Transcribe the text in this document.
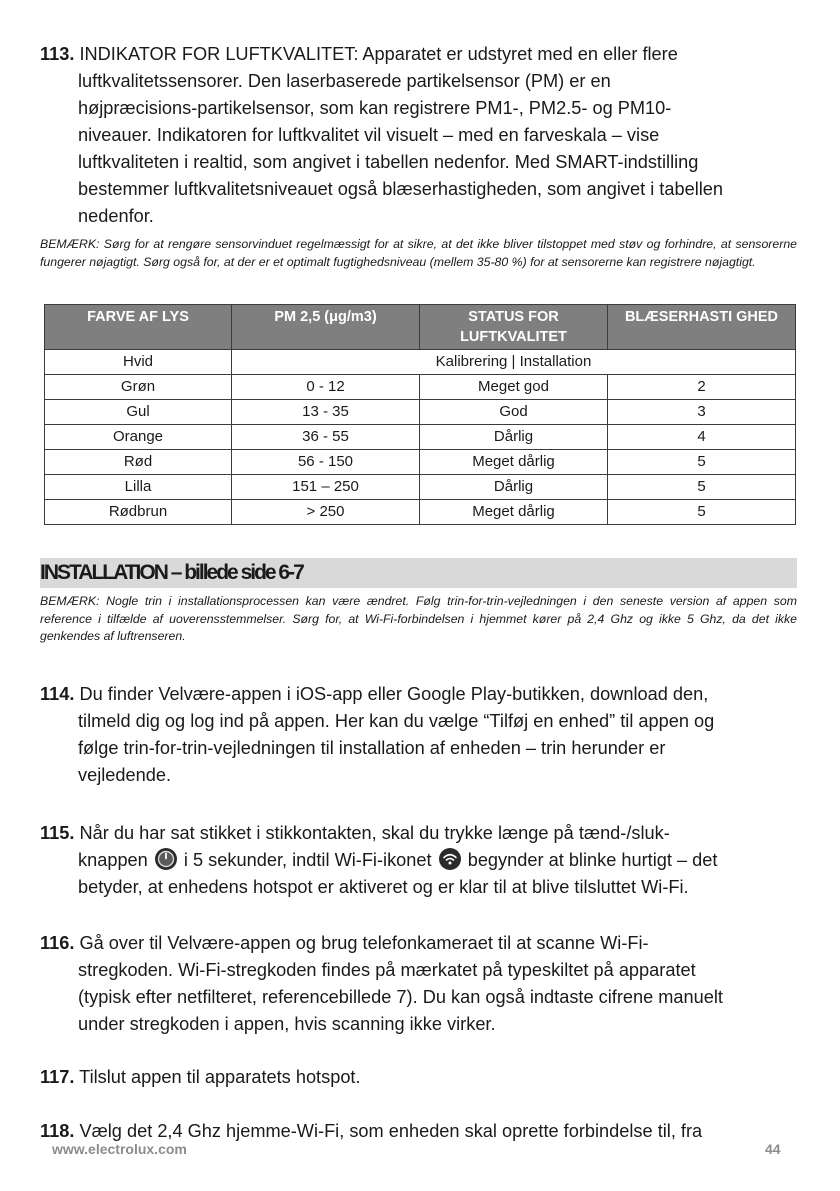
113. INDIKATOR FOR LUFTKVALITET: Apparatet er udstyret med en eller flere
luftkvalitetssensorer. Den laserbaserede partikelsensor (PM) er en
højpræcisions-partikelsensor, som kan registrere PM1-, PM2.5- og PM10-
niveauer. Indikatoren for luftkvalitet vil visuelt – med en farveskala – vise
luftkvaliteten i realtid, som angivet i tabellen nedenfor. Med SMART-indstilling
bestemmer luftkvalitetsniveauet også blæserhastigheden, som angivet i tabellen
nedenfor.
BEMÆRK: Sørg for at rengøre sensorvinduet regelmæssigt for at sikre, at det ikke bliver tilstoppet med støv og forhindre, at sensorerne fungerer nøjagtigt. Sørg også for, at der er et optimalt fugtighedsniveau (mellem 35-80 %) for at sensorerne kan registrere nøjagtigt.
FARVE AF LYS	PM 2,5 (μg/m3)	STATUS FOR LUFTKVALITET	BLÆSERHASTI GHED
Hvid	Kalibrering | Installation		
Grøn	0 - 12	Meget god	2
Gul	13 - 35	God	3
Orange	36 - 55	Dårlig	4
Rød	56 - 150	Meget dårlig	5
Lilla	151 – 250	Dårlig	5
Rødbrun	> 250	Meget dårlig	5
INSTALLATION – billede side 6-7
BEMÆRK: Nogle trin i installationsprocessen kan være ændret. Følg trin-for-trin-vejledningen i den seneste version af appen som reference i tilfælde af uoverensstemmelser. Sørg for, at Wi-Fi-forbindelsen i hjemmet kører på 2,4 Ghz og ikke 5 Ghz, da det ikke genkendes af luftrenseren.
114. Du finder Velvære-appen i iOS-app eller Google Play-butikken, download den,
tilmeld dig og log ind på appen. Her kan du vælge “Tilføj en enhed” til appen og
følge trin-for-trin-vejledningen til installation af enheden – trin herunder er
vejledende.
115. Når du har sat stikket i stikkontakten, skal du trykke længe på tænd-/sluk-
knappen i 5 sekunder, indtil Wi-Fi-ikonet begynder at blinke hurtigt – det
betyder, at enhedens hotspot er aktiveret og er klar til at blive tilsluttet Wi-Fi.
116. Gå over til Velvære-appen og brug telefonkameraet til at scanne Wi-Fi-
stregkoden. Wi-Fi-stregkoden findes på mærkatet på typeskiltet på apparatet
(typisk efter netfilteret, referencebillede 7). Du kan også indtaste cifrene manuelt
under stregkoden i appen, hvis scanning ikke virker.
117. Tilslut appen til apparatets hotspot.
118. Vælg det 2,4 Ghz hjemme-Wi-Fi, som enheden skal oprette forbindelse til, fra
www.electrolux.com	44
